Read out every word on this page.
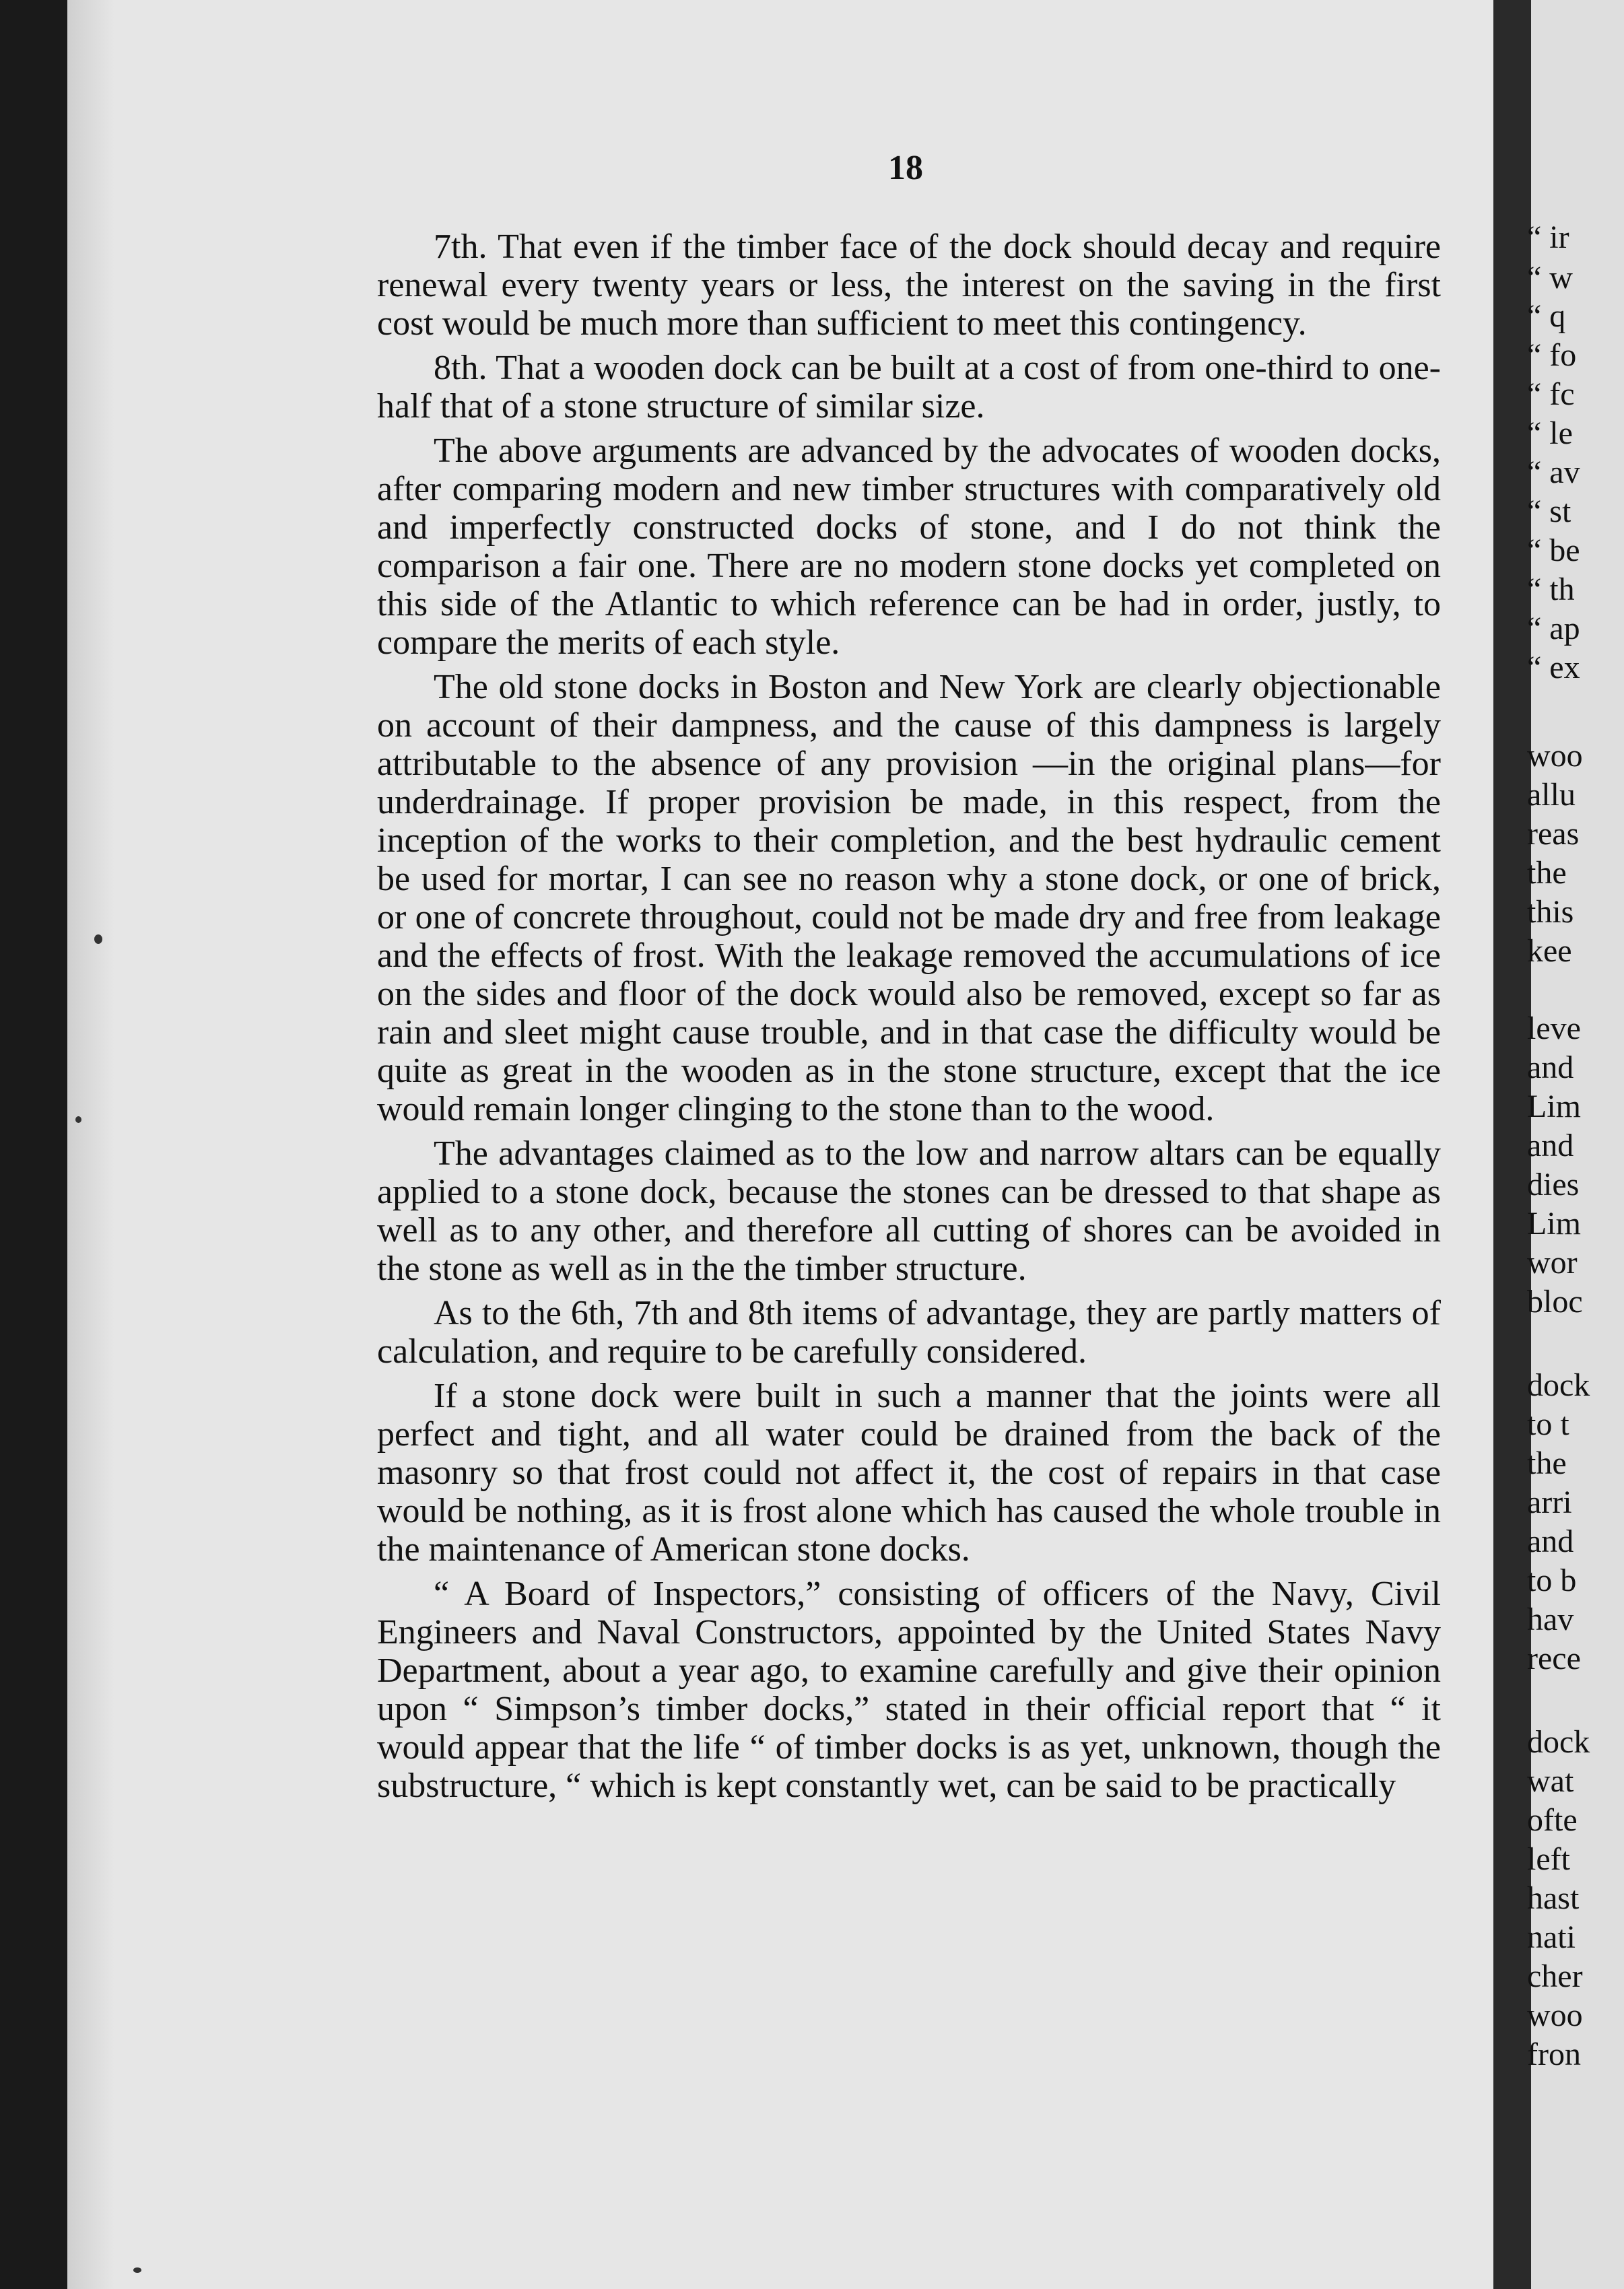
18

7th. That even if the timber face of the dock should decay and require renewal every twenty years or less, the interest on the saving in the first cost would be much more than sufficient to meet this contingency.

8th. That a wooden dock can be built at a cost of from one-third to one-half that of a stone structure of similar size.

The above arguments are advanced by the advocates of wooden docks, after comparing modern and new timber structures with comparatively old and imperfectly constructed docks of stone, and I do not think the comparison a fair one. There are no modern stone docks yet completed on this side of the Atlantic to which reference can be had in order, justly, to compare the merits of each style.

The old stone docks in Boston and New York are clearly objectionable on account of their dampness, and the cause of this dampness is largely attributable to the absence of any provision —in the original plans—for underdrainage. If proper provision be made, in this respect, from the inception of the works to their completion, and the best hydraulic cement be used for mortar, I can see no reason why a stone dock, or one of brick, or one of concrete throughout, could not be made dry and free from leakage and the effects of frost. With the leakage removed the accumulations of ice on the sides and floor of the dock would also be removed, except so far as rain and sleet might cause trouble, and in that case the difficulty would be quite as great in the wooden as in the stone structure, except that the ice would remain longer clinging to the stone than to the wood.

The advantages claimed as to the low and narrow altars can be equally applied to a stone dock, because the stones can be dressed to that shape as well as to any other, and therefore all cutting of shores can be avoided in the stone as well as in the the timber structure.

As to the 6th, 7th and 8th items of advantage, they are partly matters of calculation, and require to be carefully considered.

If a stone dock were built in such a manner that the joints were all perfect and tight, and all water could be drained from the back of the masonry so that frost could not affect it, the cost of repairs in that case would be nothing, as it is frost alone which has caused the whole trouble in the maintenance of American stone docks.

“ A Board of Inspectors,” consisting of officers of the Navy, Civil Engineers and Naval Constructors, appointed by the United States Navy Department, about a year ago, to examine carefully and give their opinion upon “ Simpson’s timber docks,” stated in their official report that “ it would appear that the life “ of timber docks is as yet, unknown, though the substructure, “ which is kept constantly wet, can be said to be practically

“ ir
“ w
“ q
“ fo
“ fc
“ le
“ av
“ st
“ be
“ th
“ ap
“ ex
woo
allu
reas
the
this
kee
leve
and
Lim
and
dies
Lim
wor
bloc
dock
to t
the
arri
and
to b
hav
rece
dock
wat
ofte
left
hast
nati
cher
woo
fron
